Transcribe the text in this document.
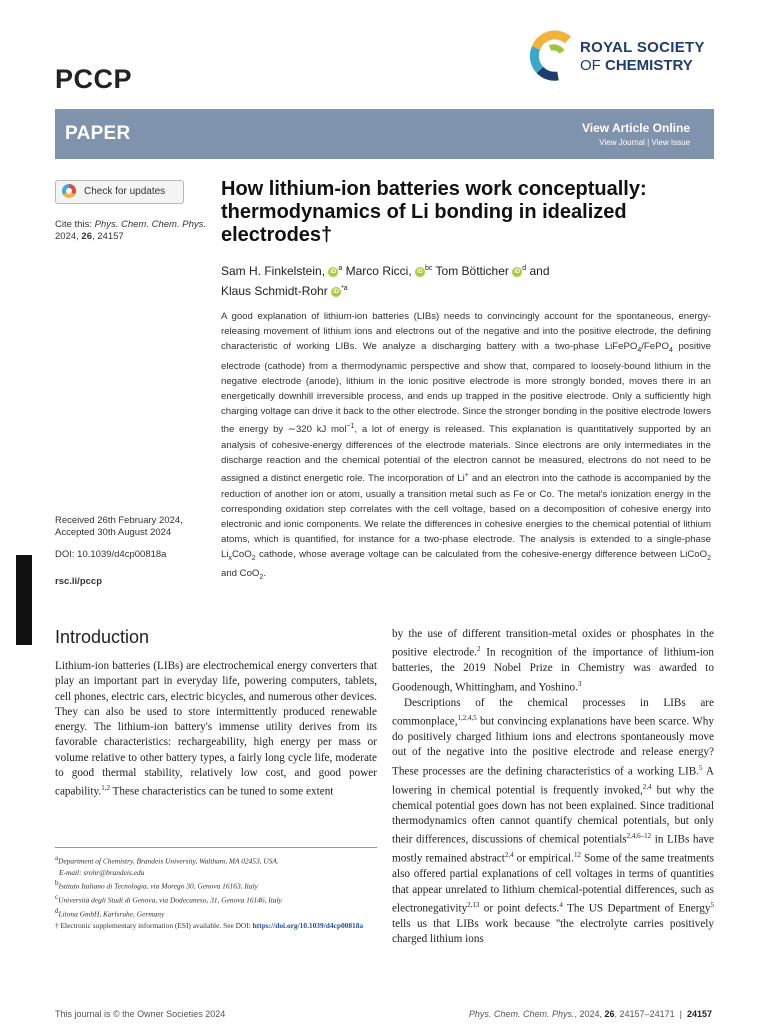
PCCP
ROYAL SOCIETY
OF CHEMISTRY
PAPER	View Article Online
View Journal | View Issue
Check for updates
Cite this: Phys. Chem. Chem. Phys.
2024, 26, 24157
How lithium-ion batteries work conceptually: thermodynamics of Li bonding in idealized electrodes†
Sam H. Finkelstein, iD $^a$ Marco Ricci, iD $^{bc}$ Tom Bötticher iD $^d$ and
Klaus Schmidt-Rohr iD $^{*a}$
A good explanation of lithium-ion batteries (LIBs) needs to convincingly account for the spontaneous, energy-releasing movement of lithium ions and electrons out of the negative and into the positive electrode, the defining characteristic of working LIBs. We analyze a discharging battery with a two-phase LiFePO$_4$/FePO$_4$ positive electrode (cathode) from a thermodynamic perspective and show that, compared to loosely-bound lithium in the negative electrode (anode), lithium in the ionic positive electrode is more strongly bonded, moves there in an energetically downhill irreversible process, and ends up trapped in the positive electrode. Only a sufficiently high charging voltage can drive it back to the other electrode. Since the stronger bonding in the positive electrode lowers the energy by ∼320 kJ mol$^{-1}$, a lot of energy is released. This explanation is quantitatively supported by an analysis of cohesive-energy differences of the electrode materials. Since electrons are only intermediates in the discharge reaction and the chemical potential of the electron cannot be measured, electrons do not need to be assigned a distinct energetic role. The incorporation of Li+ and an electron into the cathode is accompanied by the reduction of another ion or atom, usually a transition metal such as Fe or Co. The metal's ionization energy in the corresponding oxidation step correlates with the cell voltage, based on a decomposition of cohesive energy into electronic and ionic components. We relate the differences in cohesive energies to the chemical potential of lithium atoms, which is quantified, for instance for a two-phase electrode. The analysis is extended to a single-phase $Li_xCoO_2$ cathode, whose average voltage can be calculated from the cohesive-energy difference between LiCoO$_2$ and CoO$_2$.
Received 26th February 2024,
Accepted 30th August 2024
DOI: 10.1039/d4cp00818a
rsc.li/pccp
cc BY
Introduction
Lithium-ion batteries (LIBs) are electrochemical energy converters that play an important part in everyday life, powering computers, tablets, cell phones, electric cars, electric bicycles, and numerous other devices. They can also be used to store intermittently produced renewable energy. The lithium-ion battery's immense utility derives from its favorable characteristics: rechargeability, high energy per mass or volume relative to other battery types, a fairly long cycle life, moderate to good thermal stability, relatively low cost, and good power capability.$^{1,2}$ These characteristics can be tuned to some extent

by the use of different transition-metal oxides or phosphates in the positive electrode.$^2$ In recognition of the importance of lithium-ion batteries, the 2019 Nobel Prize in Chemistry was awarded to Goodenough, Whittingham, and Yoshino.$^3$

Descriptions of the chemical processes in LIBs are commonplace,$^{1,2,4,5}$ but convincing explanations have been scarce. Why do positively charged lithium ions and electrons spontaneously move out of the negative into the positive electrode and release energy? These processes are the defining characteristics of a working LIB.$^5$ A lowering in chemical potential is frequently invoked,$^{2,4}$ but why the chemical potential goes down has not been explained. Since traditional thermodynamics often cannot quantify chemical potentials, but only their differences, discussions of chemical potentials$^{2,4,6-12}$ in LIBs have mostly remained abstract$^{2,4}$ or empirical.$^{12}$ Some of the same treatments also offered partial explanations of cell voltages in terms of quantities that appear unrelated to lithium chemical-potential differences, such as electronegativity$^{2,13}$ or point defects.$^4$ The US Department of Energy$^5$ tells us that LIBs work because ''the electrolyte carries positively charged lithium ions

$^a$Department of Chemistry, Brandeis University, Waltham, MA 02453, USA.
E-mail: srohr@brandeis.edu
$^b$Istituto Italiano di Tecnologia, via Morego 30, Genova 16163, Italy
$^c$Università degli Studi di Genova, via Dodecaneso, 31, Genova 16146, Italy
$^d$Litona GmbH, Karlsruhe, Germany
† Electronic supplementary information (ESI) available. See DOI: https://doi.org/10.1039/d4cp00818a
This journal is © the Owner Societies 2024	Phys. Chem. Chem. Phys., 2024, 26, 24157–24171 | 24157
